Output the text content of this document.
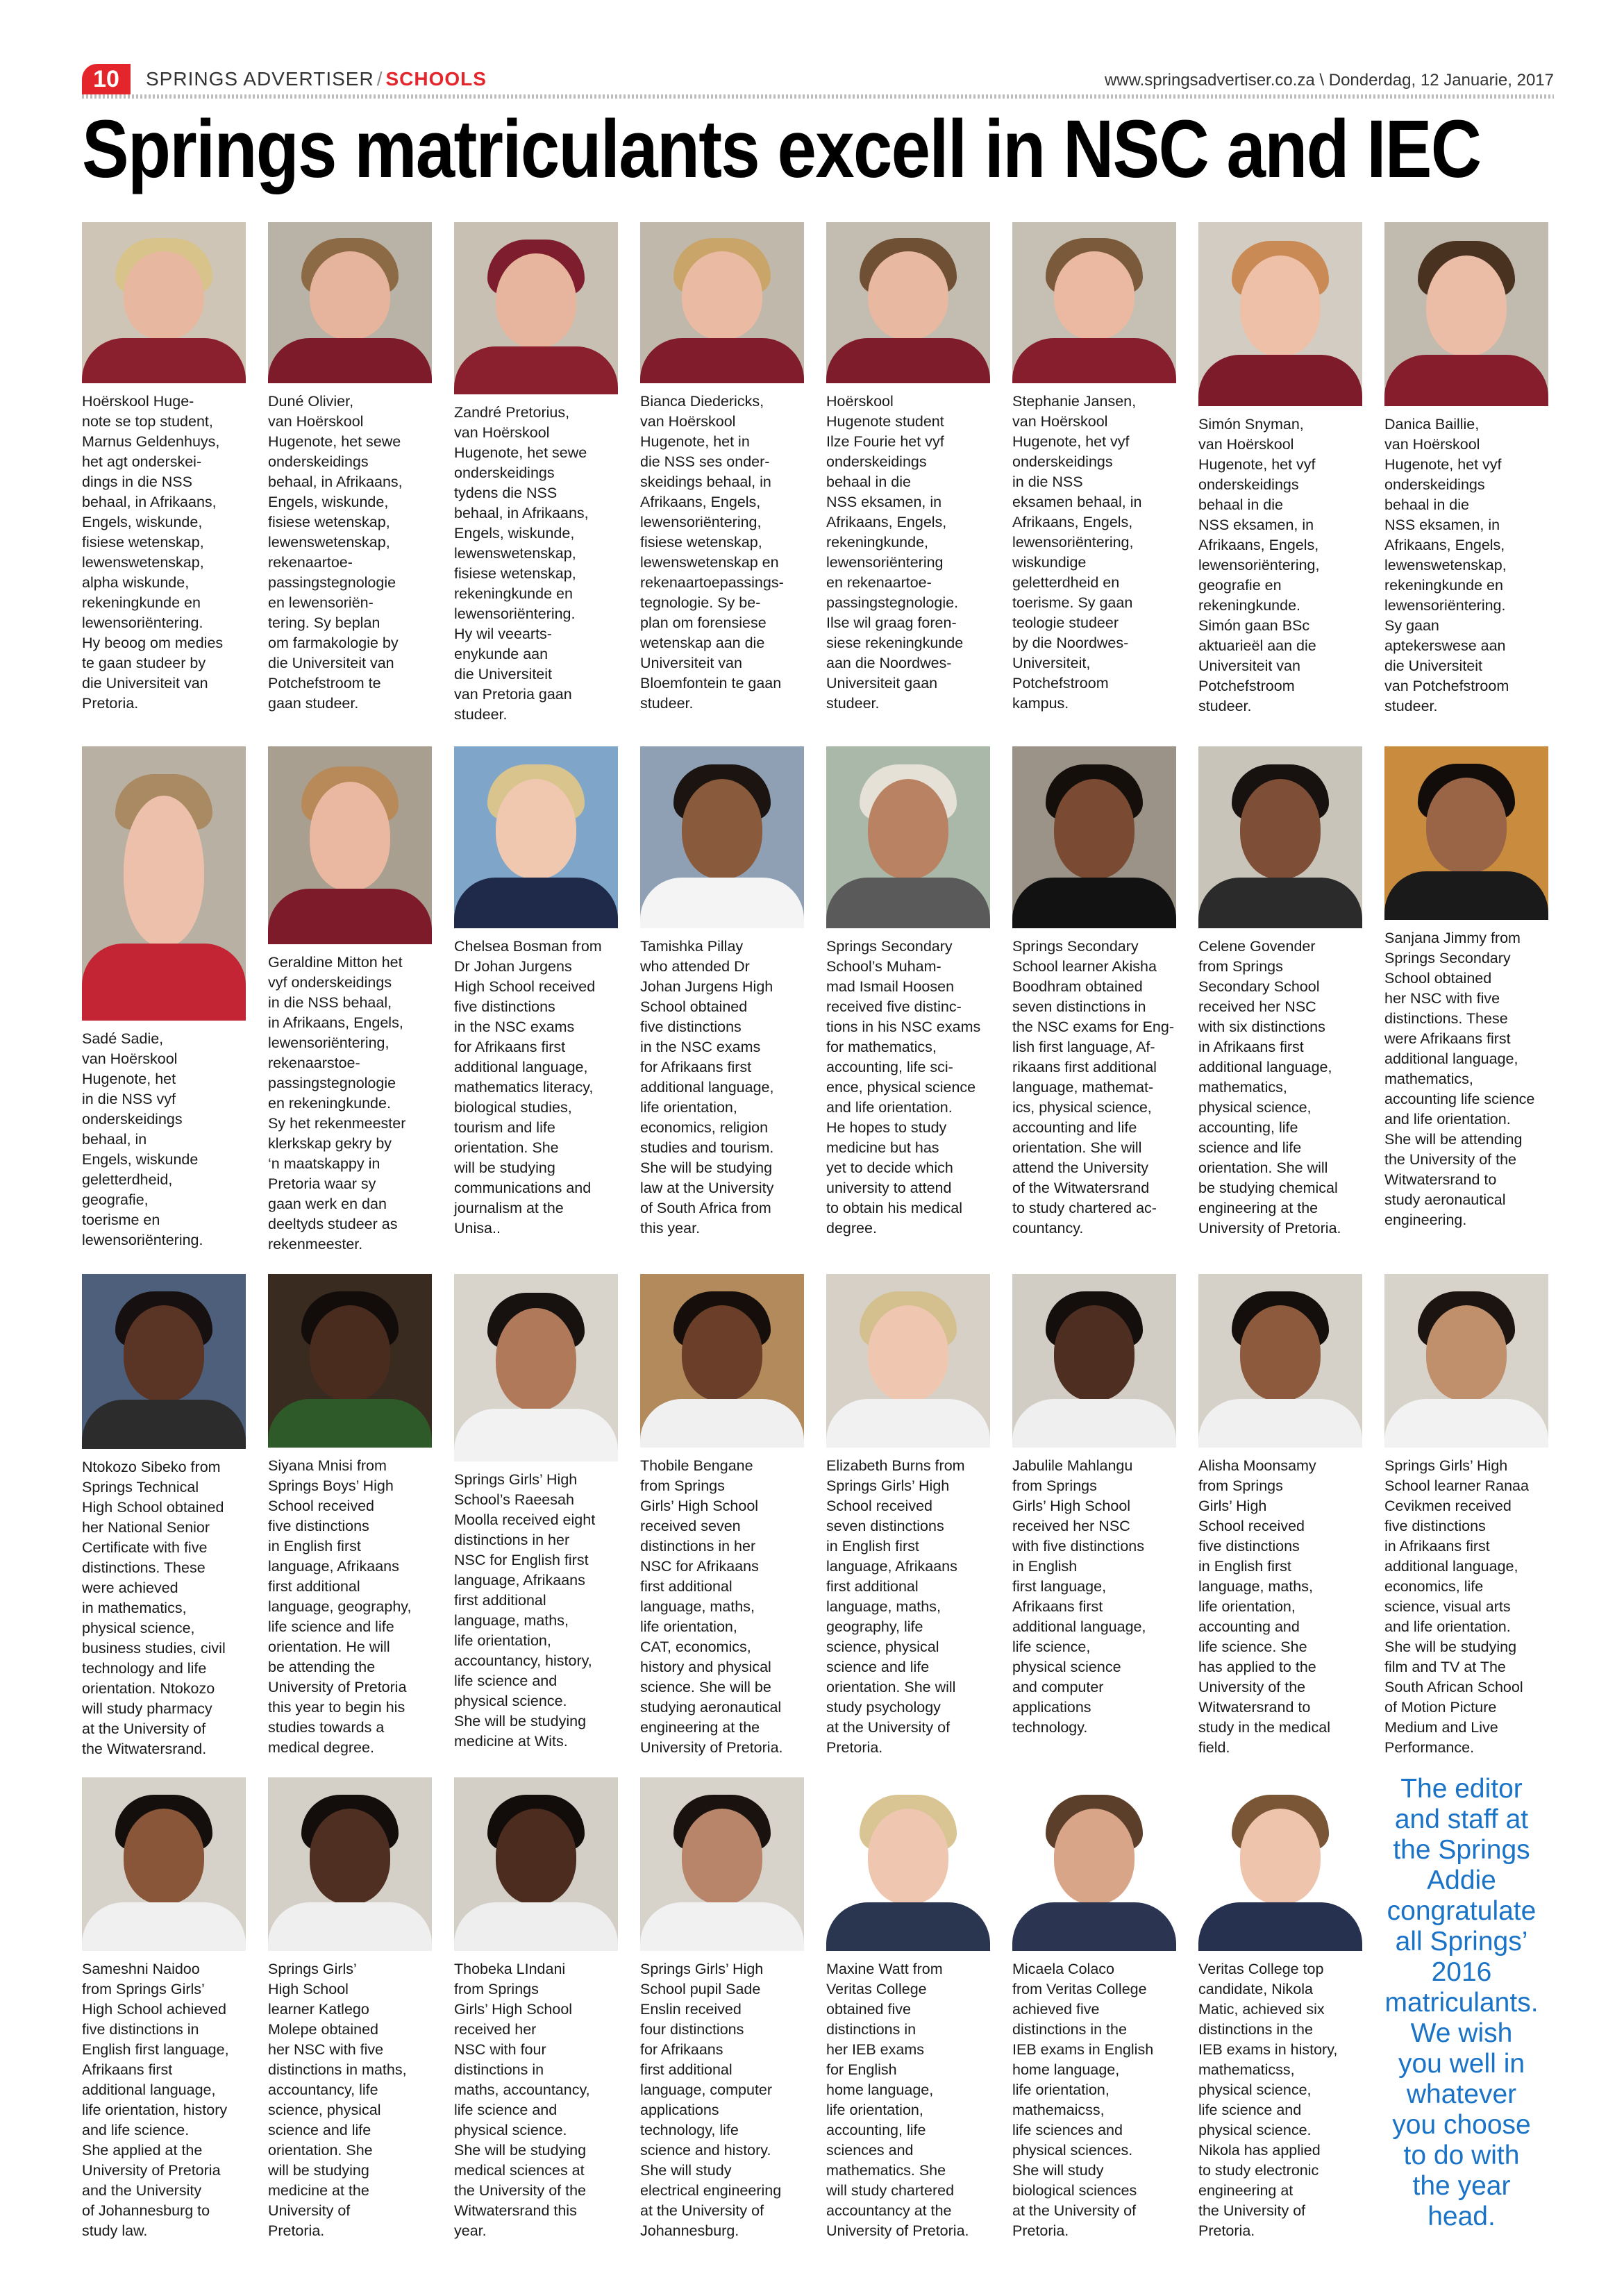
10	SPRINGS ADVERTISER / SCHOOLS	www.springsadvertiser.co.za \ Donderdag, 12 Januarie, 2017
Springs matriculants excell in NSC and IEC
Hoërskool Huge-
note se top student,
Marnus Geldenhuys,
het agt onderskei-
dings in die NSS
behaal, in Afrikaans,
Engels, wiskunde,
fisiese wetenskap,
lewenswetenskap,
alpha wiskunde,
rekeningkunde en
lewensoriëntering.
Hy beoog om medies
te gaan studeer by
die Universiteit van
Pretoria.
Duné Olivier,
van Hoërskool
Hugenote, het sewe
onderskeidings
behaal, in Afrikaans,
Engels, wiskunde,
fisiese wetenskap,
lewenswetenskap,
rekenaartoe-
passingstegnologie
en lewensoriën-
tering. Sy beplan
om farmakologie by
die Universiteit van
Potchefstroom te
gaan studeer.
Zandré Pretorius,
van Hoërskool
Hugenote, het sewe
onderskeidings
tydens die NSS
behaal, in Afrikaans,
Engels, wiskunde,
lewenswetenskap,
fisiese wetenskap,
rekeningkunde en
lewensoriëntering.
Hy wil veearts-
enykunde aan
die Universiteit
van Pretoria gaan
studeer.
Bianca Diedericks,
van Hoërskool
Hugenote, het in
die NSS ses onder-
skeidings behaal, in
Afrikaans, Engels,
lewensoriëntering,
fisiese wetenskap,
lewenswetenskap en
rekenaartoepassings-
tegnologie. Sy be-
plan om forensiese
wetenskap aan die
Universiteit van
Bloemfontein te gaan
studeer.
Hoërskool
Hugenote student
Ilze Fourie het vyf
onderskeidings
behaal in die
NSS eksamen, in
Afrikaans, Engels,
rekeningkunde,
lewensoriëntering
en rekenaartoe-
passingstegnologie.
Ilse wil graag foren-
siese rekeningkunde
aan die Noordwes-
Universiteit gaan
studeer.
Stephanie Jansen,
van Hoërskool
Hugenote, het vyf
onderskeidings
in die NSS
eksamen behaal, in
Afrikaans, Engels,
lewensoriëntering,
wiskundige
geletterdheid en
toerisme. Sy gaan
teologie studeer
by die Noordwes-
Universiteit,
Potchefstroom
kampus.
Simón Snyman,
van Hoërskool
Hugenote, het vyf
onderskeidings
behaal in die
NSS eksamen, in
Afrikaans, Engels,
lewensoriëntering,
geografie en
rekeningkunde.
Simón gaan BSc
aktuarieël aan die
Universiteit van
Potchefstroom
studeer.
Danica Baillie,
van Hoërskool
Hugenote, het vyf
onderskeidings
behaal in die
NSS eksamen, in
Afrikaans, Engels,
lewenswetenskap,
rekeningkunde en
lewensoriëntering.
Sy gaan
aptekerswese aan
die Universiteit
van Potchefstroom
studeer.
Sadé Sadie,
van Hoërskool
Hugenote, het
in die NSS vyf
onderskeidings
behaal, in
Engels, wiskunde
geletterdheid,
geografie,
toerisme en
lewensoriëntering.
Geraldine Mitton het
vyf onderskeidings
in die NSS behaal,
in Afrikaans, Engels,
lewensoriëntering,
rekenaarstoe-
passingstegnologie
en rekeningkunde.
Sy het rekenmeester
klerkskap gekry by
‘n maatskappy in
Pretoria waar sy
gaan werk en dan
deeltyds studeer as
rekenmeester.
Chelsea Bosman from
Dr Johan Jurgens
High School received
five distinctions
in the NSC exams
for Afrikaans first
additional language,
mathematics literacy,
biological studies,
tourism and life
orientation. She
will be studying
communications and
journalism at the
Unisa..
Tamishka Pillay
who attended Dr
Johan Jurgens High
School obtained
five distinctions
in the NSC exams
for Afrikaans first
additional language,
life orientation,
economics, religion
studies and tourism.
She will be studying
law at the University
of South Africa from
this year.
Springs Secondary
School’s Muham-
mad Ismail Hoosen
received five distinc-
tions in his NSC exams
for mathematics,
accounting, life sci-
ence, physical science
and life orientation.
He hopes to study
medicine but has
yet to decide which
university to attend
to obtain his medical
degree.
Springs Secondary
School learner Akisha
Boodhram obtained
seven distinctions in
the NSC exams for Eng-
lish first language, Af-
rikaans first additional
language, mathemat-
ics, physical science,
accounting and life
orientation. She will
attend the University
of the Witwatersrand
to study chartered ac-
countancy.
Celene Govender
from Springs
Secondary School
received her NSC
with six distinctions
in Afrikaans first
additional language,
mathematics,
physical science,
accounting, life
science and life
orientation. She will
be studying chemical
engineering at the
University of Pretoria.
Sanjana Jimmy from
Springs Secondary
School obtained
her NSC with five
distinctions. These
were Afrikaans first
additional language,
mathematics,
accounting life science
and life orientation.
She will be attending
the University of the
Witwatersrand to
study aeronautical
engineering.
Ntokozo Sibeko from
Springs Technical
High School obtained
her National Senior
Certificate with five
distinctions. These
were achieved
in mathematics,
physical science,
business studies, civil
technology and life
orientation. Ntokozo
will study pharmacy
at the University of
the Witwatersrand.
Siyana Mnisi from
Springs Boys’ High
School received
five distinctions
in English first
language, Afrikaans
first additional
language, geography,
life science and life
orientation. He will
be attending the
University of Pretoria
this year to begin his
studies towards a
medical degree.
Springs Girls’ High
School’s Raeesah
Moolla received eight
distinctions in her
NSC for English first
language, Afrikaans
first additional
language, maths,
life orientation,
accountancy, history,
life science and
physical science.
She will be studying
medicine at Wits.
Thobile Bengane
from Springs
Girls’ High School
received seven
distinctions in her
NSC for Afrikaans
first additional
language, maths,
life orientation,
CAT, economics,
history and physical
science. She will be
studying aeronautical
engineering at the
University of Pretoria.
Elizabeth Burns from
Springs Girls’ High
School received
seven distinctions
in English first
language, Afrikaans
first additional
language, maths,
geography, life
science, physical
science and life
orientation. She will
study psychology
at the University of
Pretoria.
Jabulile Mahlangu
from Springs
Girls’ High School
received her NSC
with five distinctions
in English
first language,
Afrikaans first
additional language,
life science,
physical science
and computer
applications
technology.
Alisha Moonsamy
from Springs
Girls’ High
School received
five distinctions
in English first
language, maths,
life orientation,
accounting and
life science. She
has applied to the
University of the
Witwatersrand to
study in the medical
field.
Springs Girls’ High
School learner Ranaa
Cevikmen received
five distinctions
in Afrikaans first
additional language,
economics, life
science, visual arts
and life orientation.
She will be studying
film and TV at The
South African School
of Motion Picture
Medium and Live
Performance.
Sameshni Naidoo
from Springs Girls’
High School achieved
five distinctions in
English first language,
Afrikaans first
additional language,
life orientation, history
and life science.
She applied at the
University of Pretoria
and the University
of Johannesburg to
study law.
Springs Girls’
High School
learner Katlego
Molepe obtained
her NSC with five
distinctions in maths,
accountancy, life
science, physical
science and life
orientation. She
will be studying
medicine at the
University of
Pretoria.
Thobeka LIndani
from Springs
Girls’ High School
received her
NSC with four
distinctions in
maths, accountancy,
life science and
physical science.
She will be studying
medical sciences at
the University of the
Witwatersrand this
year.
Springs Girls’ High
School pupil Sade
Enslin received
four distinctions
for Afrikaans
first additional
language, computer
applications
technology, life
science and history.
She will study
electrical engineering
at the University of
Johannesburg.
Maxine Watt from
Veritas College
obtained five
distinctions in
her IEB exams
for English
home language,
life orientation,
accounting, life
sciences and
mathematics. She
will study chartered
accountancy at the
University of Pretoria.
Micaela Colaco
from Veritas College
achieved five
distinctions in the
IEB exams in English
home language,
life orientation,
mathemaicss,
life sciences and
physical sciences.
She will study
biological sciences
at the University of
Pretoria.
Veritas College top
candidate, Nikola
Matic, achieved six
distinctions in the
IEB exams in history,
mathematicss,
physical science,
life science and
physical science.
Nikola has applied
to study electronic
engineering at
the University of
Pretoria.
The editor
and staff at
the Springs
Addie
congratulate
all Springs’
2016
matriculants.
We wish
you well in
whatever
you choose
to do with
the year
head.
